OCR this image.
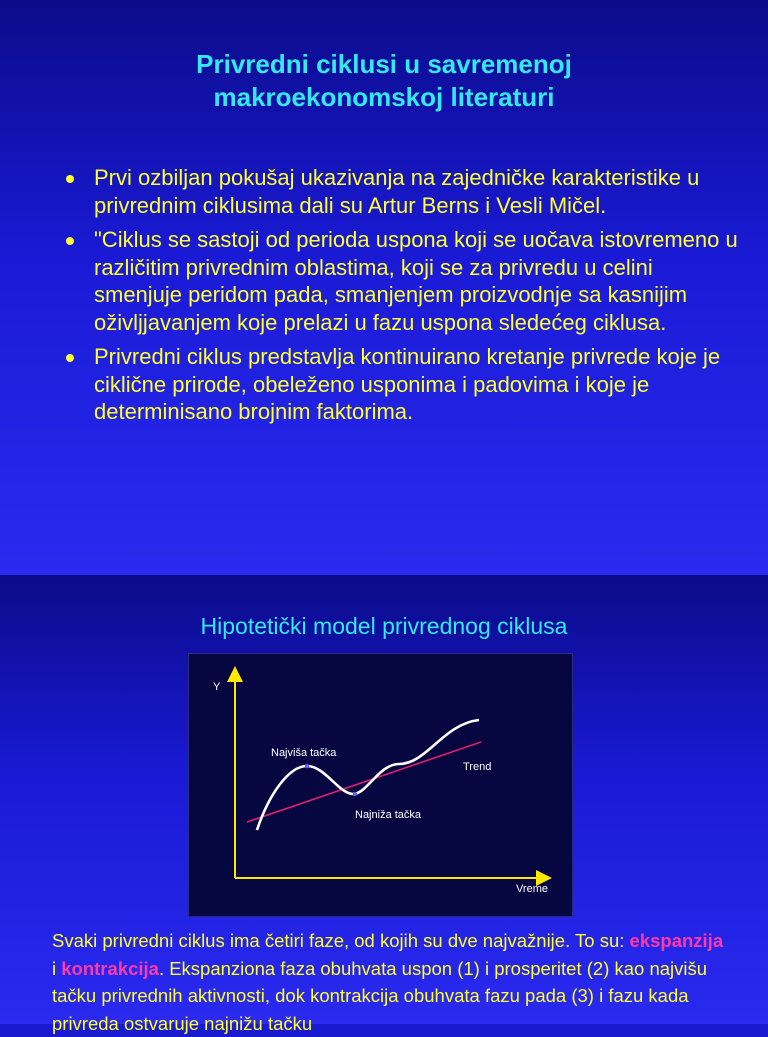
Privredni ciklusi u savremenoj
makroekonomskoj literaturi
Prvi ozbiljan pokušaj ukazivanja na zajedničke karakteristike u privrednim ciklusima dali su Artur Berns i Vesli Mičel.
"Ciklus se sastoji od perioda uspona koji se uočava istovremeno u različitim privrednim oblastima, koji se za privredu u celini smenjuje peridom pada, smanjenjem proizvodnje sa kasnijim oživljjavanjem koje prelazi u fazu uspona sledećeg ciklusa.
Privredni ciklus predstavlja kontinuirano kretanje privrede koje je ciklične prirode, obeleženo usponima i padovima i koje je determinisano brojnim faktorima.
Hipotetički model privrednog ciklusa
Y
Vreme
Najviša tačka
Najniža tačka
Trend
Svaki privredni ciklus ima četiri faze, od kojih su dve najvažnije. To su: ekspanzija i kontrakcija. Ekspanziona faza obuhvata uspon (1) i prosperitet (2) kao najvišu tačku privrednih aktivnosti, dok kontrakcija obuhvata fazu pada (3) i fazu kada privreda ostvaruje najnižu tačku
